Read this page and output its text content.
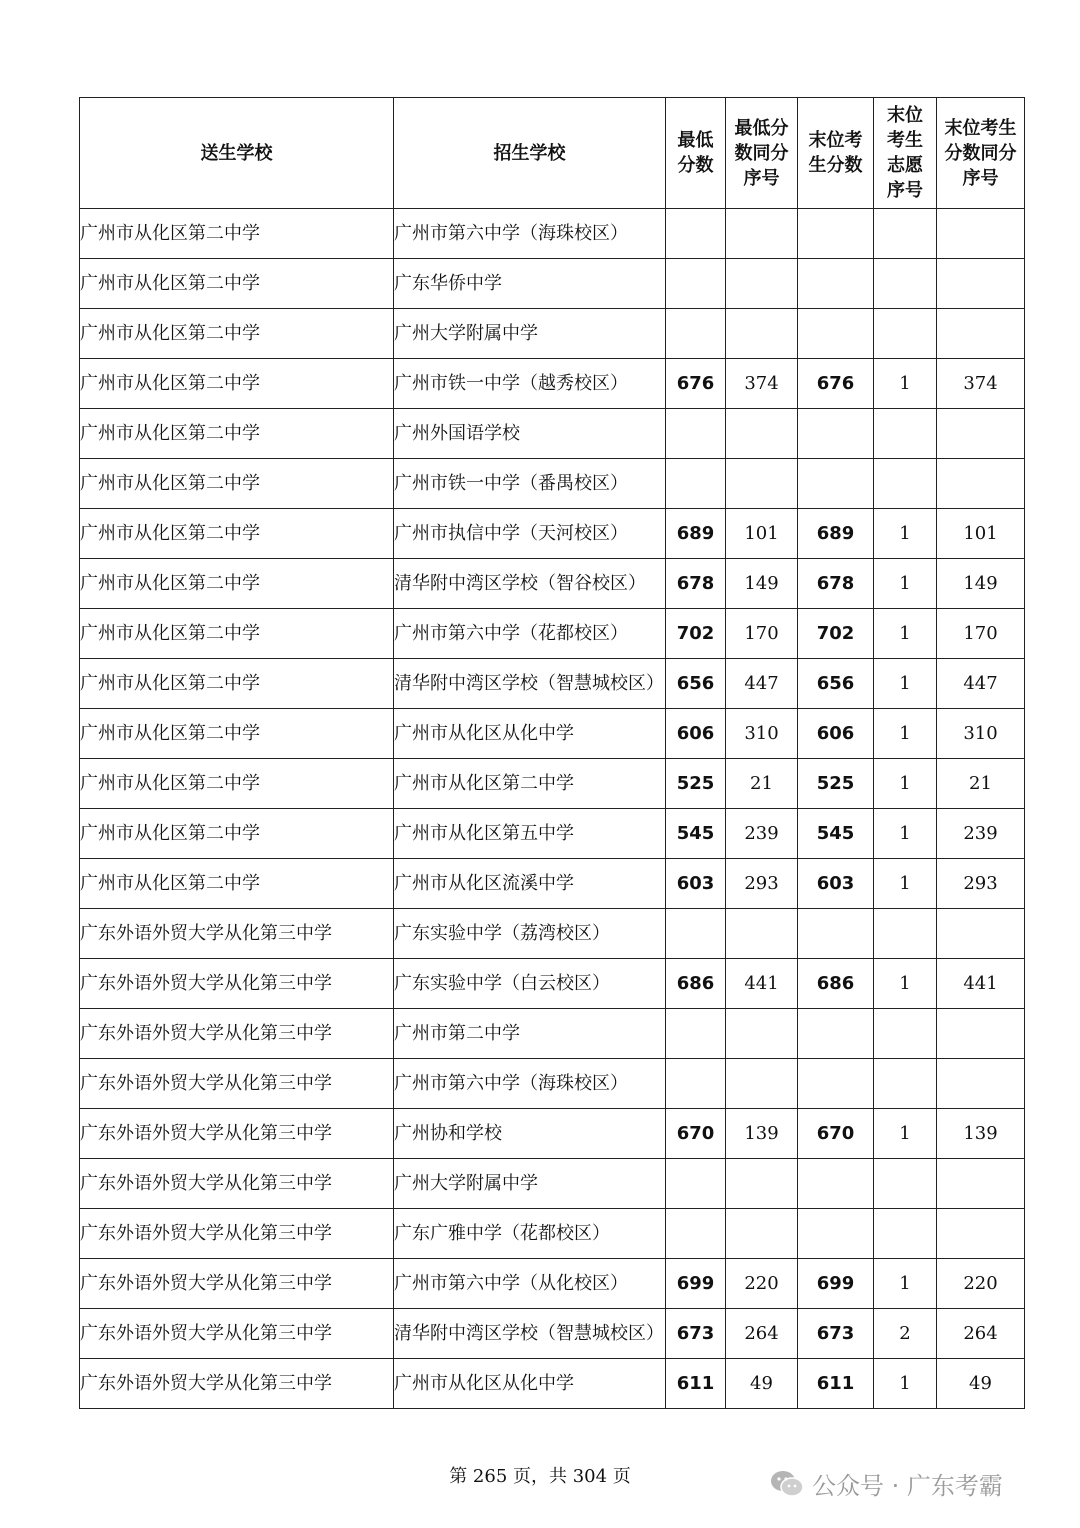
送生学校	招生学校	最低分数	最低分数同分序号	末位考生分数	末位考生志愿序号	末位考生分数同分序号

广州市从化区第二中学	广州市第六中学（海珠校区）					
广州市从化区第二中学	广东华侨中学					
广州市从化区第二中学	广州大学附属中学					
广州市从化区第二中学	广州市铁一中学（越秀校区）	676	374	676	1	374
广州市从化区第二中学	广州外国语学校					
广州市从化区第二中学	广州市铁一中学（番禺校区）					
广州市从化区第二中学	广州市执信中学（天河校区）	689	101	689	1	101
广州市从化区第二中学	清华附中湾区学校（智谷校区）	678	149	678	1	149
广州市从化区第二中学	广州市第六中学（花都校区）	702	170	702	1	170
广州市从化区第二中学	清华附中湾区学校（智慧城校区）	656	447	656	1	447
广州市从化区第二中学	广州市从化区从化中学	606	310	606	1	310
广州市从化区第二中学	广州市从化区第二中学	525	21	525	1	21
广州市从化区第二中学	广州市从化区第五中学	545	239	545	1	239
广州市从化区第二中学	广州市从化区流溪中学	603	293	603	1	293
广东外语外贸大学从化第三中学	广东实验中学（荔湾校区）					
广东外语外贸大学从化第三中学	广东实验中学（白云校区）	686	441	686	1	441
广东外语外贸大学从化第三中学	广州市第二中学					
广东外语外贸大学从化第三中学	广州市第六中学（海珠校区）					
广东外语外贸大学从化第三中学	广州协和学校	670	139	670	1	139
广东外语外贸大学从化第三中学	广州大学附属中学					
广东外语外贸大学从化第三中学	广东广雅中学（花都校区）					
广东外语外贸大学从化第三中学	广州市第六中学（从化校区）	699	220	699	1	220
广东外语外贸大学从化第三中学	清华附中湾区学校（智慧城校区）	673	264	673	2	264
广东外语外贸大学从化第三中学	广州市从化区从化中学	611	49	611	1	49
第 265 页，共 304 页	公众号 · 广东考霸
